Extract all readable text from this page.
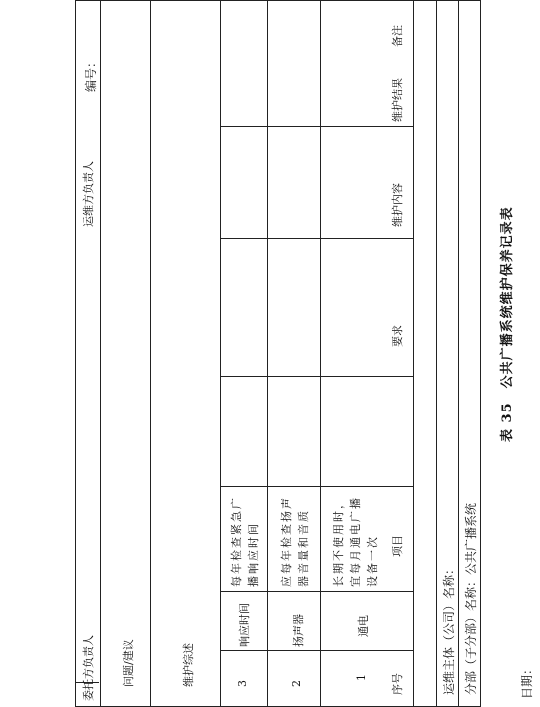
表 35　公共广播系统维护保养记录表
日期：
编号：
分部（子分部）名称：公共广播系统
运维主体（公司）名称：
序号
项目
要求
维护内容
维护结果
备注
1
通电
长期不使用时，宜每月通电广播设备一次
2
扬声器
应每年检查扬声器音量和音质
3
响应时间
每年检查紧急广播响应时间
维护综述
问题/建议
委托方负责人
运维方负责人
